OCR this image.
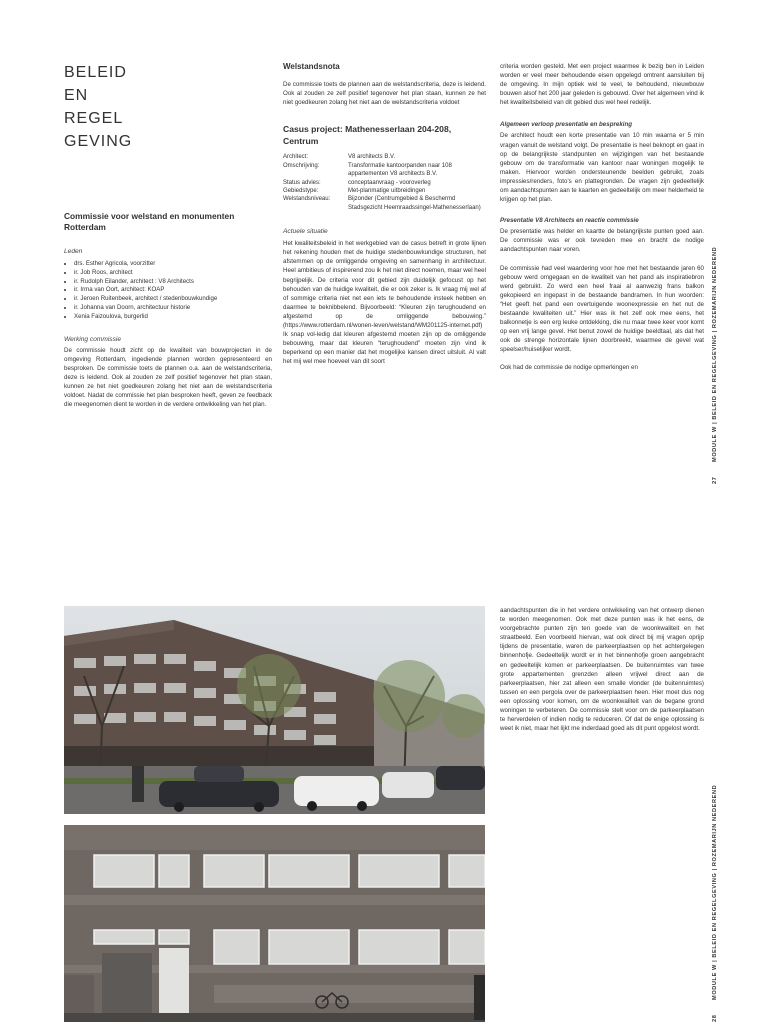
BELEID
EN
REGEL
GEVING
Commissie voor welstand en monumenten Rotterdam
Leden
• drs. Esther Agricola, voorzitter
• ir. Job Roos, architect
• ir. Rudolph Eilander, architect : V8 Architects
• ir. Irma van Oort, architect: KOAP
• ir. Jeroen Ruitenbeek, architect / stedenbouwkundige
• ir. Johanna van Doorn, architectuur historie
• Xenia Faizoulova, burgerlid
Werking commissie
De commissie houdt zicht op de kwaliteit van bouwprojecten in de omgeving Rotterdam, ingediende plannen worden gepresenteerd en besproken. De commissie toets de plannen o.a. aan de welstandscriteria, deze is leidend. Ook al zouden ze zelf positief tegenover het plan staan, kunnen ze het niet goedkeuren zolang het niet aan de welstandscriteria voldoet. Nadat de commissie het plan besproken heeft, geven ze feedback die meegenomen dient te worden in de verdere ontwikkeling van het plan.
Welstandsnota
De commissie toets de plannen aan de welstandscriteria, deze is leidend. Ook al zouden ze zelf positief tegenover het plan staan, kunnen ze het niet goedkeuren zolang het niet aan de welstandscriteria voldoet
Casus project: Mathenesserlaan 204-208, Centrum
Architect:	V8 architects B.V.
Omschrijving:	Transformatie kantoorpanden naar 108 appartementen V8 architects B.V.
Status advies:	conceptaanvraag - vooroverleg
Gebiedstype:	Met-planmatige uitbreidingen
Welstandsniveau:	Bijzonder (Centrumgebied & Beschermd Stadsgezicht Heemraadssingel-Mathenesserlaan)
Actuele situatie
Het kwaliteitsbeleid in het werkgebied van de casus betreft in grote lijnen het rekening houden met de huidige stedenbouwkundige structuren, het afstemmen op de omliggende omgeving en samenhang in architectuur. Heel ambitieus of inspirerend zou ik het niet direct noemen, maar wel heel begrijpelijk. De criteria voor dit gebied zijn duidelijk gefocust op het behouden van de huidige kwaliteit, die er ook zeker is. Ik vraag mij wel af of sommige criteria niet net een iets te behoudende insteek hebben en daarmee te beknibbelend. Bijvoorbeeld: “Kleuren zijn terughoudend en afgestemd op de omliggende bebouwing.” (https://www.rotterdam.nl/wonen-leven/welstand/WM201125-internet.pdf) Ik snap vol-ledig dat kleuren afgestemd moeten zijn op de omliggende bebouwing, maar dat kleuren “terughoudend” moeten zijn vind ik beperkend op een manier dat het mogelijke kansen direct uitsluit. Al valt het mij wel mee hoeveel van dit soort
criteria worden gesteld. Met een project waarmee ik bezig ben in Leiden worden er veel meer behoudende eisen opgelegd omtrent aansluiten bij de omgeving. In mijn optiek wel te veel, te behoudend, nieuwbouw bouwen alsof het 200 jaar geleden is gebouwd. Over het algemeen vind ik het kwaliteitsbeleid van dit gebied dus wel heel redelijk.
Algemeen verloop presentatie en bespreking
De architect houdt een korte presentatie van 10 min waarna er 5 min vragen vanuit de welstand volgt. De presentatie is heel beknopt en gaat in op de belangrijkste standpunten en wijzigingen van het bestaande gebouw om de transformatie van kantoor naar woningen mogelijk te maken. Hiervoor worden ondersteunende beelden gebruikt, zoals impressies/renders, foto’s en plattegronden. De vragen zijn gedeeltelijk om aandachtspunten aan te kaarten en gedeeltelijk om meer helderheid te krijgen op het plan.
Presentatie V8 Architects en reactie commissie
De presentatie was helder en kaartte de belangrijkste punten goed aan. De commissie was er ook tevreden mee en bracht de nodige aandachtspunten naar voren.
De commissie had veel waardering voor hoe met het bestaande jaren 60 gebouw werd omgegaan en de kwaliteit van het pand als inspiratiebron werd gebruikt. Zo werd een heel fraai al aanwezig frans balkon gekopieerd en ingepast in de bestaande bandramen. In hun woorden: “Het geeft het pand een overtuigende woonexpressie en het nut de bestaande kwaliteiten uit.” Hier was ik het zelf ook mee eens, het balkonnetje is een erg leuke ontdekking, die nu maar twee keer voor komt op een vrij lange gevel. Het benut zowel de huidige beeldtaal, als dat het ook de strenge horizontale lijnen doorbreekt, waarmee de gevel wat speelser/huiselijker wordt.
Ook had de commissie de nodige opmerkingen en
aandachtspunten die in het verdere ontwikkeling van het ontwerp dienen te worden meegenomen. Ook met deze punten was ik het eens, de voorgebrachte punten zijn ten goede van de woonkwaliteit en het straatbeeld. Een voorbeeld hiervan, wat ook direct bij mij vragen oprijp tijdens de presentatie, waren de parkeerplaatsen op het achtergelegen binnenhofje. Gedeeltelijk wordt er in het binnenhofje groen aangebracht en gedeeltelijk komen er parkeerplaatsen. De buitenruimtes van twee grote appartementen grenzden alleen vrijwel direct aan de parkeerplaatsen, hier zat alleen een smalle vlonder (de buitenruimtes) tussen en een pergola over de parkeerplaatsen heen. Hier moet dus nog een oplossing voor komen, om de woonkwaliteit van de begane grond woningen te verbeteren. De commissie stelt voor om de parkeerplaatsen te herverdelen of indien nodig te reduceren. Of dat de enige oplossing is weet ik niet, maar het lijkt me inderdaad goed als dit punt opgelost wordt.
27    MODULE W | BELEID EN REGELGEVING | ROZEMARIJN NEDEREND
28    MODULE W | BELEID EN REGELGEVING | ROZEMARIJN NEDEREND
